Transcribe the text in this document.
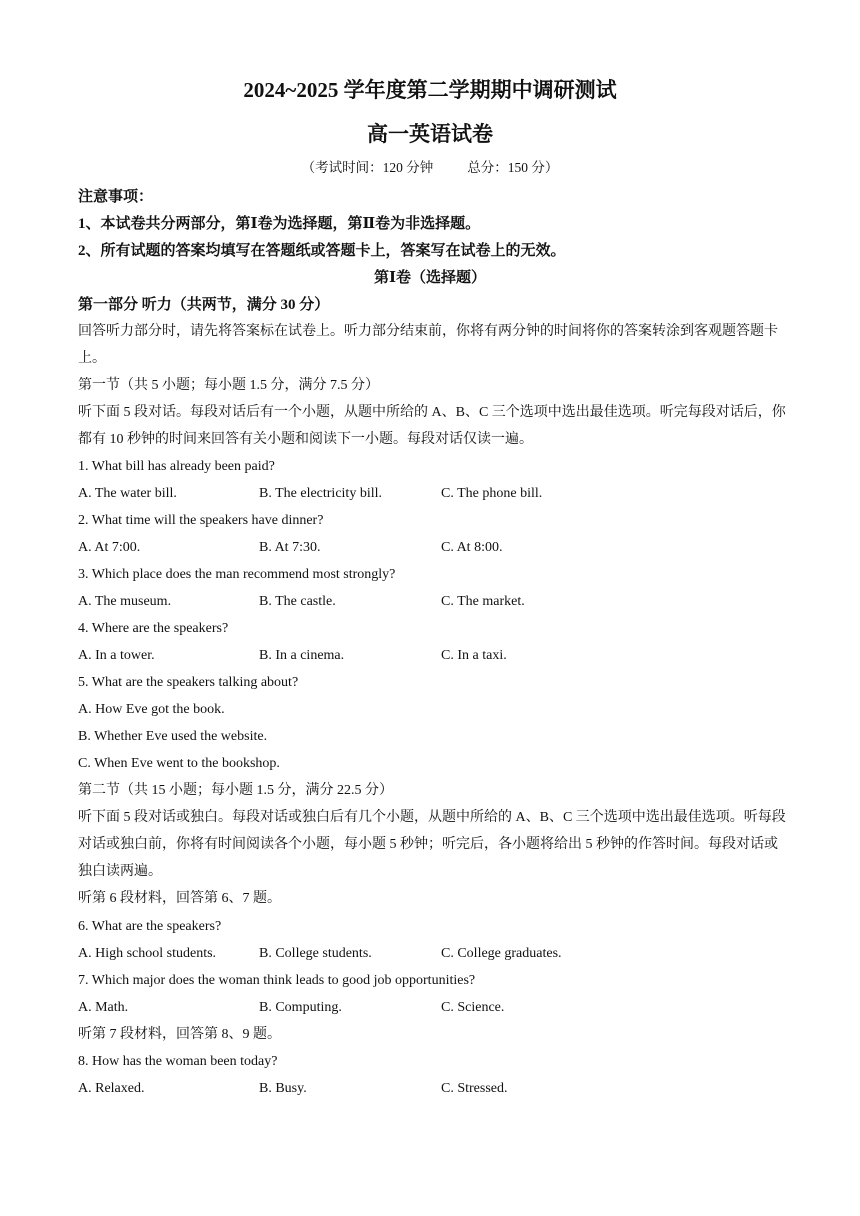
2024~2025 学年度第二学期期中调研测试
高一英语试卷
（考试时间：120 分钟	总分：150 分）
注意事项：
1、本试卷共分两部分，第Ⅰ卷为选择题，第Ⅱ卷为非选择题。
2、所有试题的答案均填写在答题纸或答题卡上，答案写在试卷上的无效。
第Ⅰ卷（选择题）
第一部分 听力（共两节，满分 30 分）
回答听力部分时，请先将答案标在试卷上。听力部分结束前，你将有两分钟的时间将你的答案转涂到客观题答题卡上。
第一节（共 5 小题；每小题 1.5 分，满分 7.5 分）
听下面 5 段对话。每段对话后有一个小题，从题中所给的 A、B、C 三个选项中选出最佳选项。听完每段对话后，你都有 10 秒钟的时间来回答有关小题和阅读下一小题。每段对话仅读一遍。
1. What bill has already been paid?
A. The water bill.	B. The electricity bill.	C. The phone bill.
2. What time will the speakers have dinner?
A. At 7:00.	B. At 7:30.	C. At 8:00.
3. Which place does the man recommend most strongly?
A. The museum.	B. The castle.	C. The market.
4. Where are the speakers?
A. In a tower.	B. In a cinema.	C. In a taxi.
5. What are the speakers talking about?
A. How Eve got the book.
B. Whether Eve used the website.
C. When Eve went to the bookshop.
第二节（共 15 小题；每小题 1.5 分，满分 22.5 分）
听下面 5 段对话或独白。每段对话或独白后有几个小题，从题中所给的 A、B、C 三个选项中选出最佳选项。听每段对话或独白前，你将有时间阅读各个小题，每小题 5 秒钟；听完后，各小题将给出 5 秒钟的作答时间。每段对话或独白读两遍。
听第 6 段材料，回答第 6、7 题。
6. What are the speakers?
A. High school students.	B. College students.	C. College graduates.
7. Which major does the woman think leads to good job opportunities?
A. Math.	B. Computing.	C. Science.
听第 7 段材料，回答第 8、9 题。
8. How has the woman been today?
A. Relaxed.	B. Busy.	C. Stressed.
